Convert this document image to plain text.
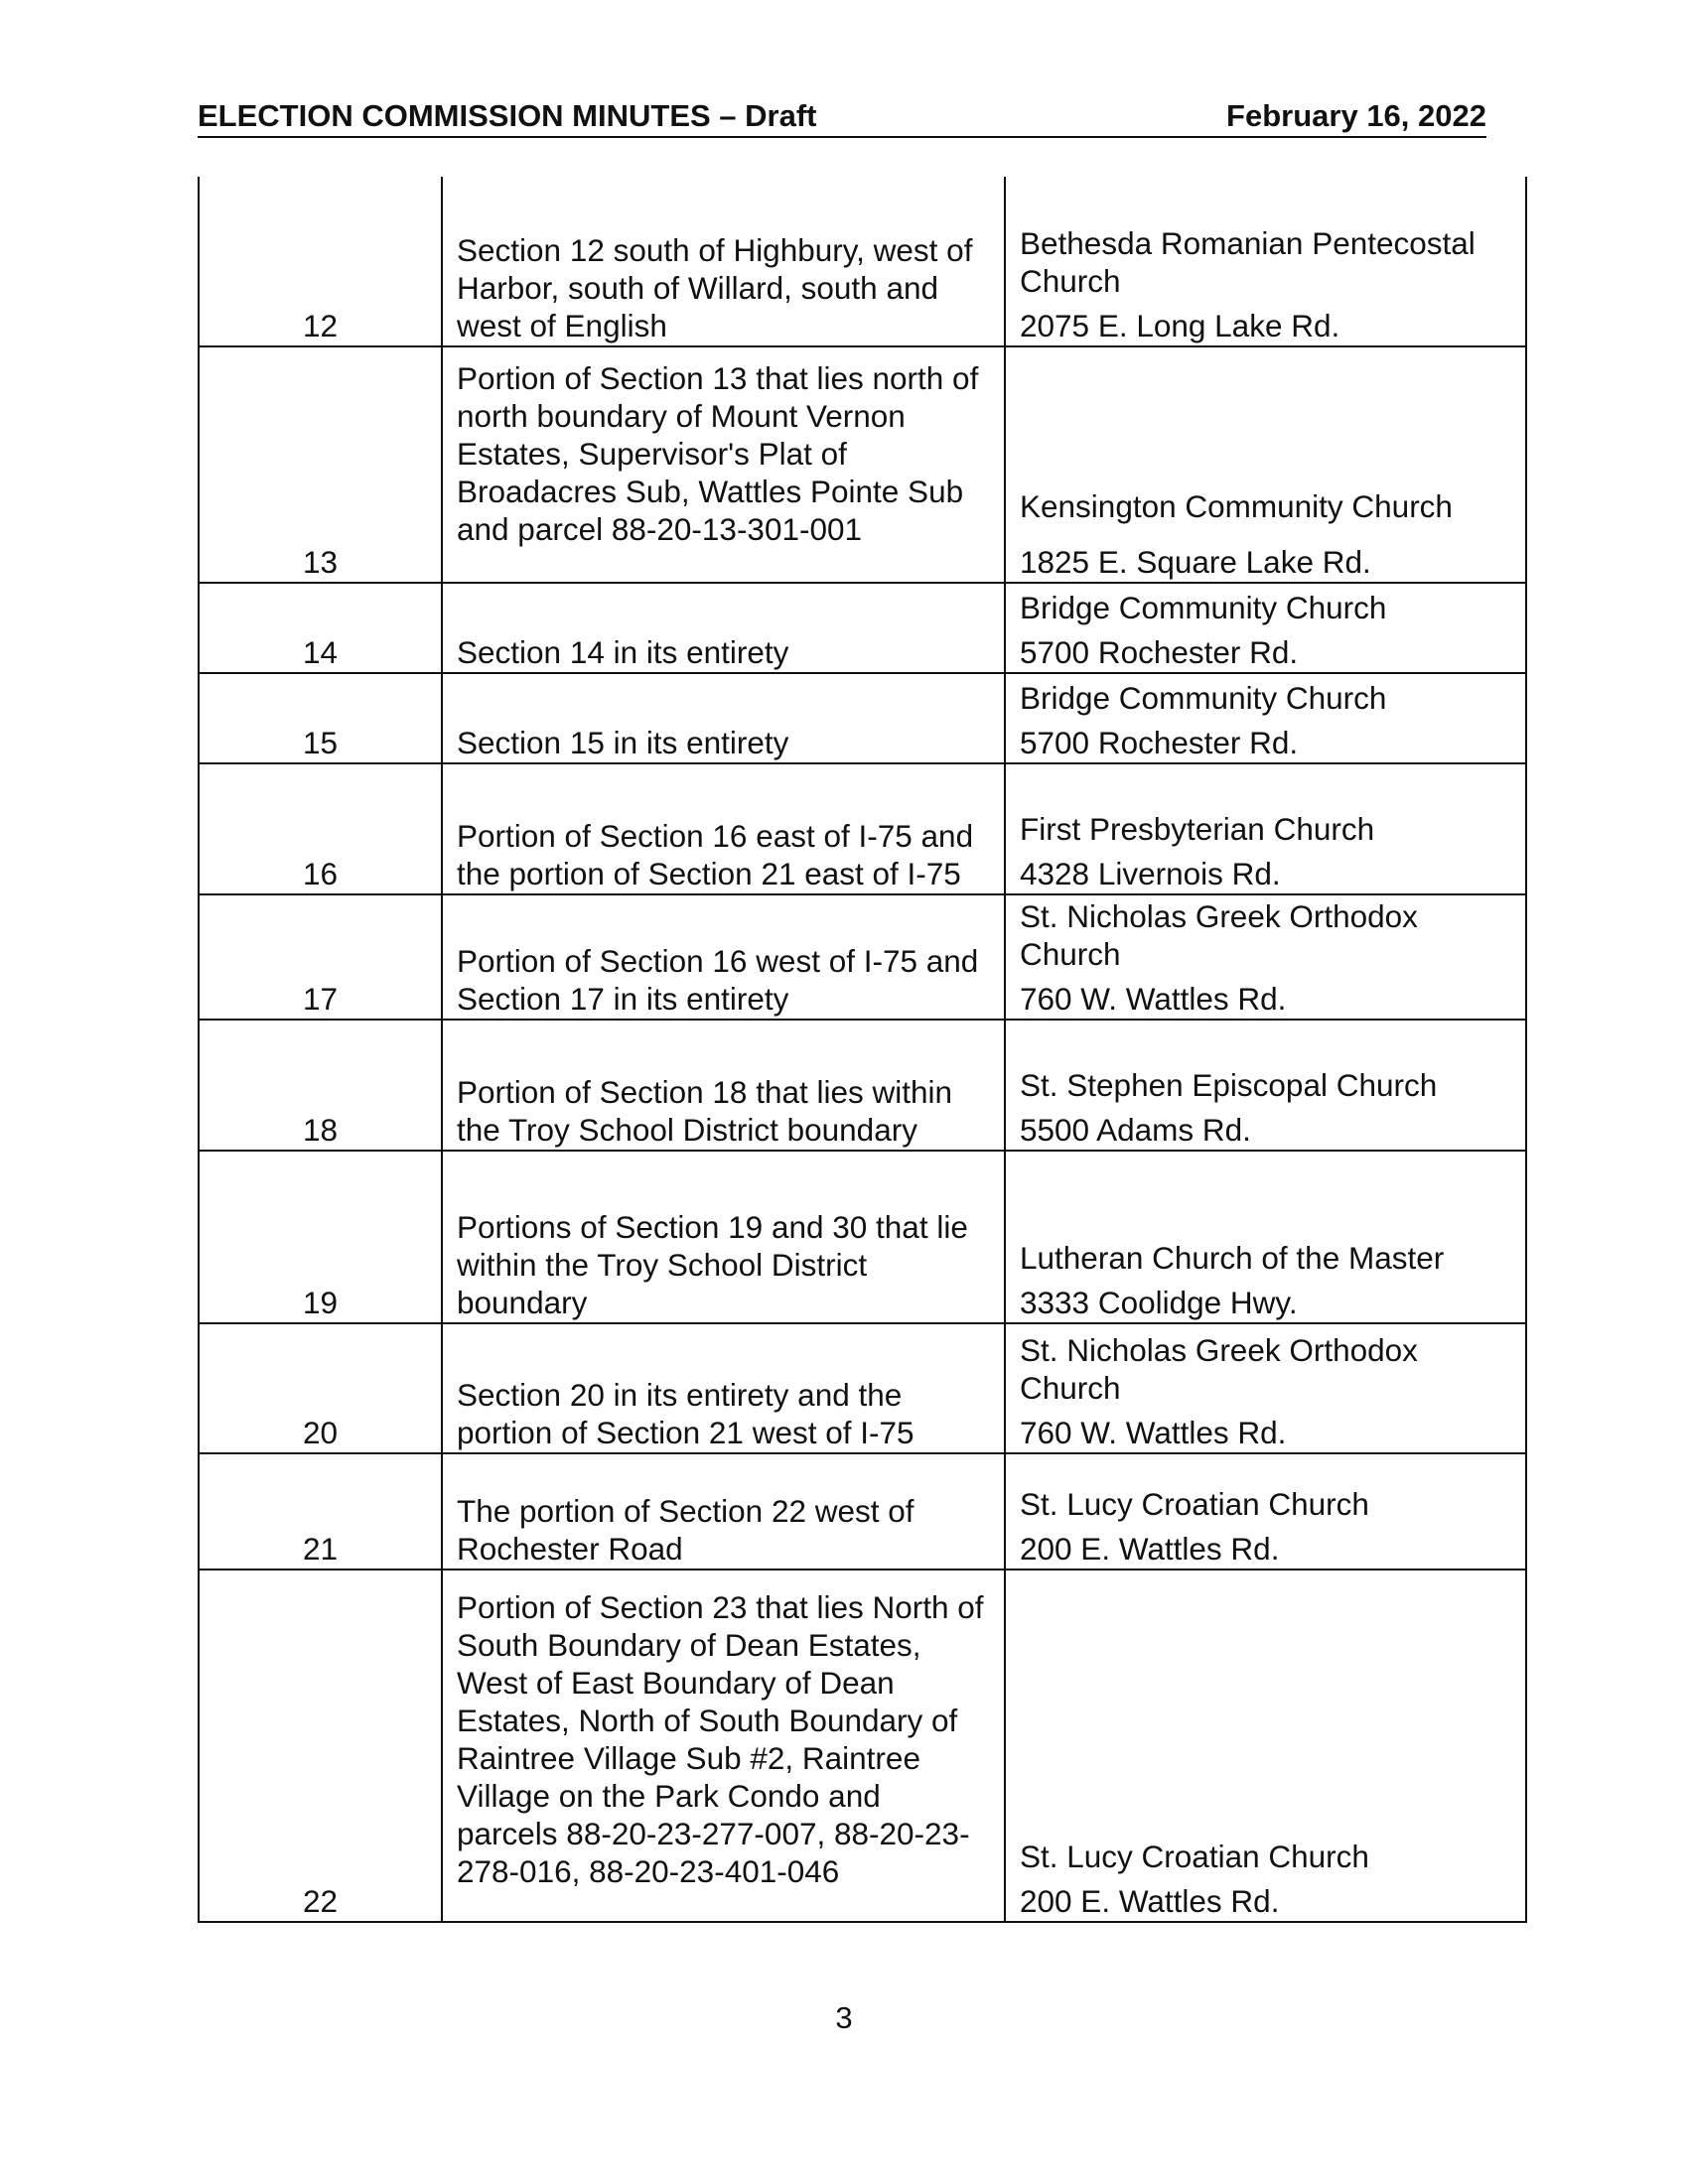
ELECTION COMMISSION MINUTES – Draft	February 16, 2022
12	Section 12 south of Highbury, west of Harbor, south of Willard, south and west of English	Bethesda Romanian Pentecostal Church
2075 E. Long Lake Rd.

13	Portion of Section 13 that lies north of north boundary of Mount Vernon Estates, Supervisor's Plat of Broadacres Sub, Wattles Pointe Sub and parcel 88-20-13-301-001	Kensington Community Church
1825 E. Square Lake Rd.

14	Section 14 in its entirety	Bridge Community Church
5700 Rochester Rd.

15	Section 15 in its entirety	Bridge Community Church
5700 Rochester Rd.

16	Portion of Section 16 east of I-75 and the portion of Section 21 east of I-75	First Presbyterian Church
4328 Livernois Rd.

17	Portion of Section 16 west of I-75 and Section 17 in its entirety	St. Nicholas Greek Orthodox Church
760 W. Wattles Rd.

18	Portion of Section 18 that lies within the Troy School District boundary	St. Stephen Episcopal Church
5500 Adams Rd.

19	Portions of Section 19 and 30 that lie within the Troy School District boundary	Lutheran Church of the Master
3333 Coolidge Hwy.

20	Section 20 in its entirety and the portion of Section 21 west of I-75	St. Nicholas Greek Orthodox Church
760 W. Wattles Rd.

21	The portion of Section 22 west of Rochester Road	St. Lucy Croatian Church
200 E. Wattles Rd.

22	Portion of Section 23 that lies North of South Boundary of Dean Estates, West of East Boundary of Dean Estates, North of South Boundary of Raintree Village Sub #2, Raintree Village on the Park Condo and parcels 88-20-23-277-007, 88-20-23-278-016, 88-20-23-401-046	St. Lucy Croatian Church
200 E. Wattles Rd.
3
